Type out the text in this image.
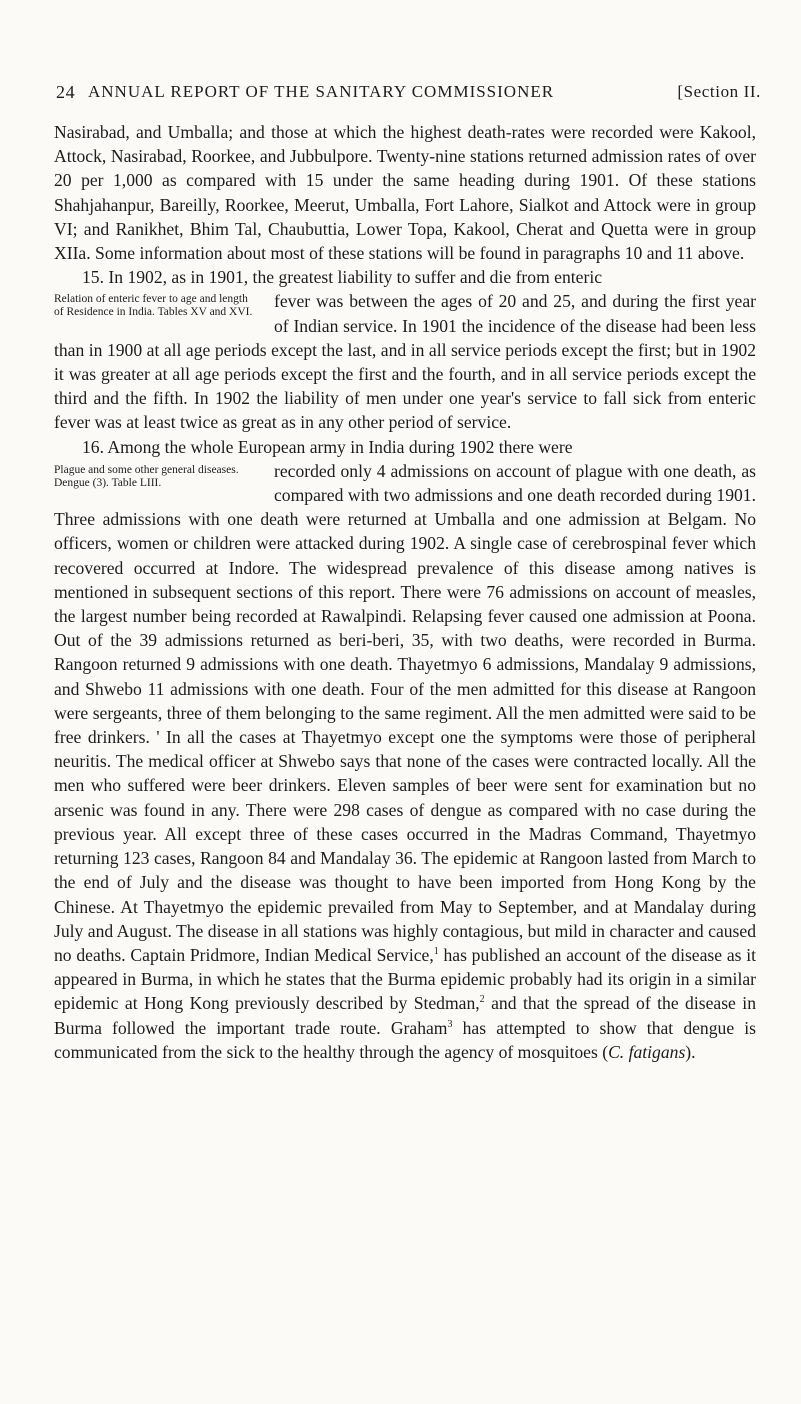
24 ANNUAL REPORT OF THE SANITARY COMMISSIONER	[Section II.

Nasirabad, and Umballa; and those at which the highest death-rates were recorded were Kakool, Attock, Nasirabad, Roorkee, and Jubbulpore. Twenty-nine stations returned admission rates of over 20 per 1,000 as compared with 15 under the same heading during 1901. Of these stations Shahjahanpur, Bareilly, Roorkee, Meerut, Umballa, Fort Lahore, Sialkot and Attock were in group VI; and Ranikhet, Bhim Tal, Chaubuttia, Lower Topa, Kakool, Cherat and Quetta were in group XIIa. Some information about most of these stations will be found in paragraphs 10 and 11 above.

15. In 1902, as in 1901, the greatest liability to suffer and die from enteric

Relation of enteric fever to age and length of Residence in India. Tables XV and XVI.

fever was between the ages of 20 and 25, and during the first year of Indian service. In 1901 the incidence of the disease had been less than in 1900 at all age periods except the last, and in all service periods except the first; but in 1902 it was greater at all age periods except the first and the fourth, and in all service periods except the third and the fifth. In 1902 the liability of men under one year's service to fall sick from enteric fever was at least twice as great as in any other period of service.

16. Among the whole European army in India during 1902 there were

Plague and some other general diseases. Dengue (3). Table LIII.

recorded only 4 admissions on account of plague with one death, as compared with two admissions and one death recorded during 1901. Three admissions with one death were returned at Umballa and one admission at Belgam. No officers, women or children were attacked during 1902. A single case of cerebrospinal fever which recovered occurred at Indore. The widespread prevalence of this disease among natives is mentioned in subsequent sections of this report. There were 76 admissions on account of measles, the largest number being recorded at Rawalpindi. Relapsing fever caused one admission at Poona. Out of the 39 admissions returned as beri-beri, 35, with two deaths, were recorded in Burma. Rangoon returned 9 admissions with one death. Thayetmyo 6 admissions, Mandalay 9 admissions, and Shwebo 11 admissions with one death. Four of the men admitted for this disease at Rangoon were sergeants, three of them belonging to the same regiment. All the men admitted were said to be free drinkers. ' In all the cases at Thayetmyo except one the symptoms were those of peripheral neuritis. The medical officer at Shwebo says that none of the cases were contracted locally. All the men who suffered were beer drinkers. Eleven samples of beer were sent for examination but no arsenic was found in any. There were 298 cases of dengue as compared with no case during the previous year. All except three of these cases occurred in the Madras Command, Thayetmyo returning 123 cases, Rangoon 84 and Mandalay 36. The epidemic at Rangoon lasted from March to the end of July and the disease was thought to have been imported from Hong Kong by the Chinese. At Thayetmyo the epidemic prevailed from May to September, and at Mandalay during July and August. The disease in all stations was highly contagious, but mild in character and caused no deaths. Captain Pridmore, Indian Medical Service,$^1$ has published an account of the disease as it appeared in Burma, in which he states that the Burma epidemic probably had its origin in a similar epidemic at Hong Kong previously described by Stedman,$^2$ and that the spread of the disease in Burma followed the important trade route. Graham$^3$ has attempted to show that dengue is communicated from the sick to the healthy through the agency of mosquitoes (C. fatigans).
